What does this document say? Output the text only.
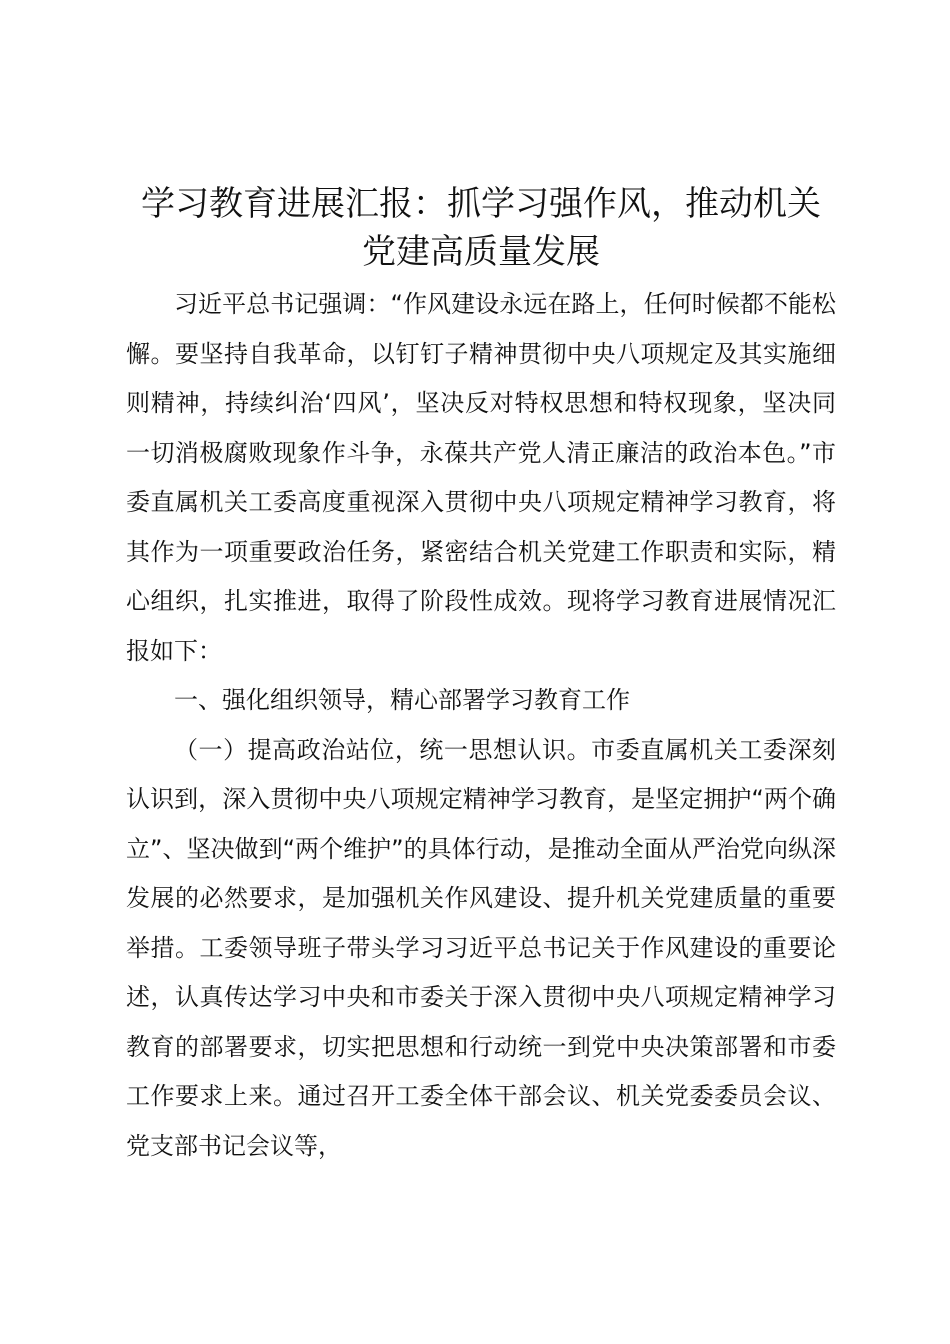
学习教育进展汇报：抓学习强作风，推动机关党建高质量发展

习近平总书记强调：“作风建设永远在路上，任何时候都不能松懈。要坚持自我革命，以钉钉子精神贯彻中央八项规定及其实施细则精神，持续纠治‘四风’，坚决反对特权思想和特权现象，坚决同一切消极腐败现象作斗争，永葆共产党人清正廉洁的政治本色。”市委直属机关工委高度重视深入贯彻中央八项规定精神学习教育，将其作为一项重要政治任务，紧密结合机关党建工作职责和实际，精心组织，扎实推进，取得了阶段性成效。现将学习教育进展情况汇报如下：

一、强化组织领导，精心部署学习教育工作

（一）提高政治站位，统一思想认识。市委直属机关工委深刻认识到，深入贯彻中央八项规定精神学习教育，是坚定拥护“两个确立”、坚决做到“两个维护”的具体行动，是推动全面从严治党向纵深发展的必然要求，是加强机关作风建设、提升机关党建质量的重要举措。工委领导班子带头学习习近平总书记关于作风建设的重要论述，认真传达学习中央和市委关于深入贯彻中央八项规定精神学习教育的部署要求，切实把思想和行动统一到党中央决策部署和市委工作要求上来。通过召开工委全体干部会议、机关党委委员会议、党支部书记会议等，
